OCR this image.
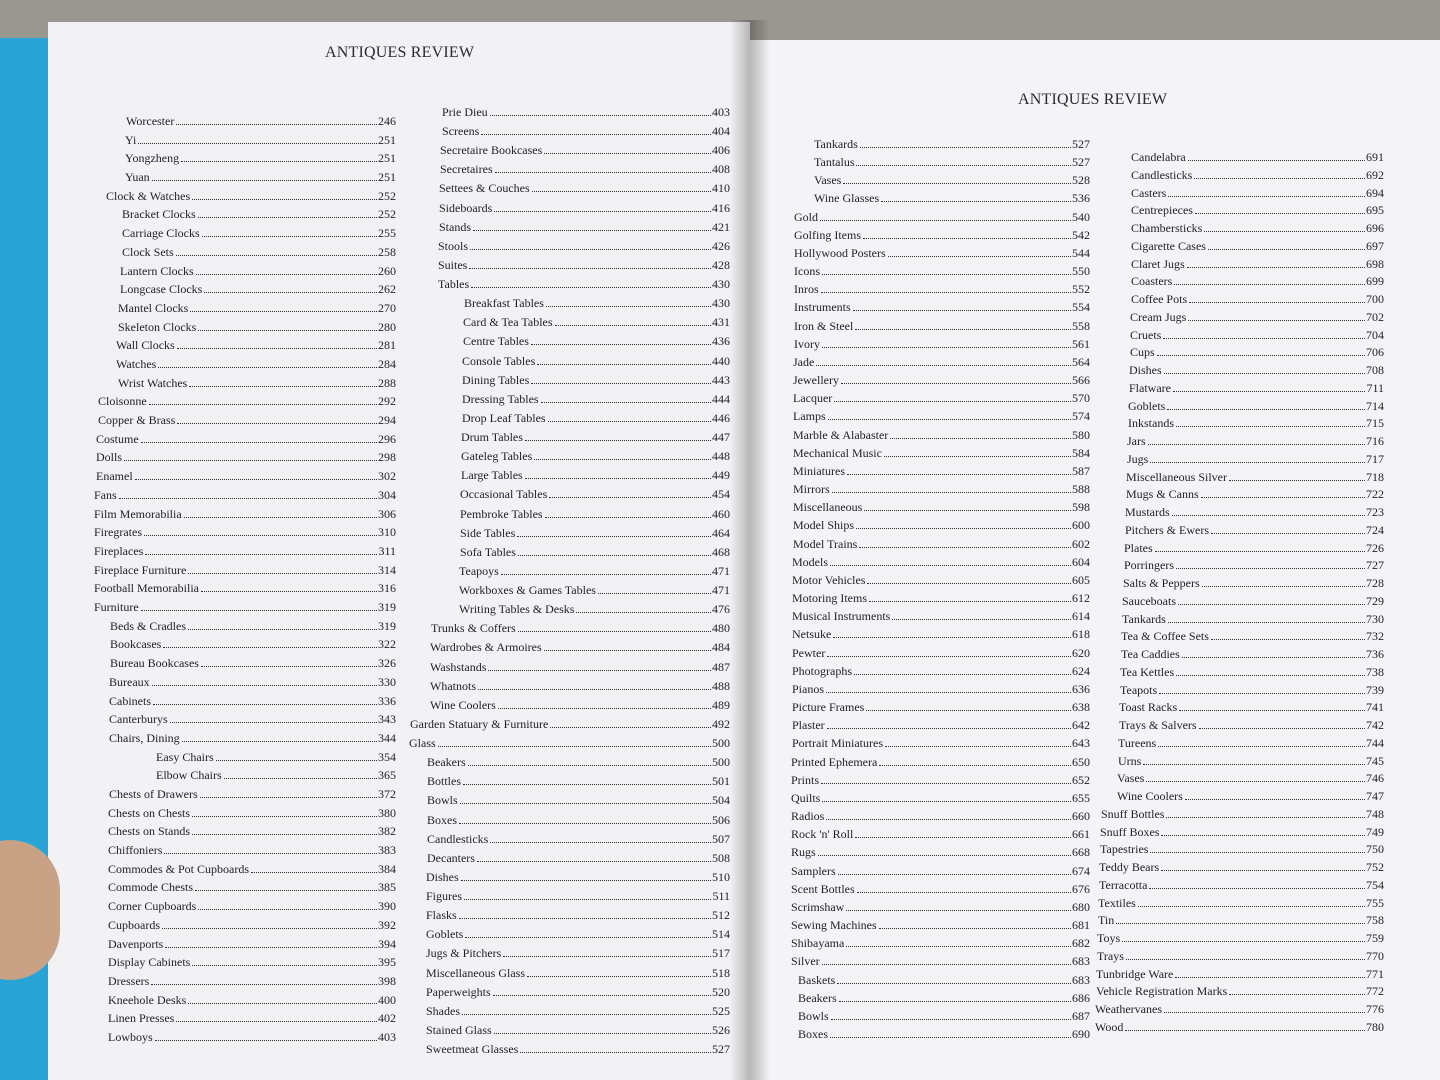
ANTIQUES REVIEW
ANTIQUES REVIEW
Worcester	246
Yi	251
Yongzheng	251
Yuan	251
Clock & Watches	252
Bracket Clocks	252
Carriage Clocks	255
Clock Sets	258
Lantern Clocks	260
Longcase Clocks	262
Mantel Clocks	270
Skeleton Clocks	280
Wall Clocks	281
Watches	284
Wrist Watches	288
Cloisonne	292
Copper & Brass	294
Costume	296
Dolls	298
Enamel	302
Fans	304
Film Memorabilia	306
Firegrates	310
Fireplaces	311
Fireplace Furniture	314
Football Memorabilia	316
Furniture	319
Beds & Cradles	319
Bookcases	322
Bureau Bookcases	326
Bureaux	330
Cabinets	336
Canterburys	343
Chairs, Dining	344
Easy Chairs	354
Elbow Chairs	365
Chests of Drawers	372
Chests on Chests	380
Chests on Stands	382
Chiffoniers	383
Commodes & Pot Cupboards	384
Commode Chests	385
Corner Cupboards	390
Cupboards	392
Davenports	394
Display Cabinets	395
Dressers	398
Kneehole Desks	400
Linen Presses	402
Lowboys	403
Prie Dieu	403
Screens	404
Secretaire Bookcases	406
Secretaires	408
Settees & Couches	410
Sideboards	416
Stands	421
Stools	426
Suites	428
Tables	430
Breakfast Tables	430
Card & Tea Tables	431
Centre Tables	436
Console Tables	440
Dining Tables	443
Dressing Tables	444
Drop Leaf Tables	446
Drum Tables	447
Gateleg Tables	448
Large Tables	449
Occasional Tables	454
Pembroke Tables	460
Side Tables	464
Sofa Tables	468
Teapoys	471
Workboxes & Games Tables	471
Writing Tables & Desks	476
Trunks & Coffers	480
Wardrobes & Armoires	484
Washstands	487
Whatnots	488
Wine Coolers	489
Garden Statuary & Furniture	492
Glass	500
Beakers	500
Bottles	501
Bowls	504
Boxes	506
Candlesticks	507
Decanters	508
Dishes	510
Figures	511
Flasks	512
Goblets	514
Jugs & Pitchers	517
Miscellaneous Glass	518
Paperweights	520
Shades	525
Stained Glass	526
Sweetmeat Glasses	527
Tankards	527
Tantalus	527
Vases	528
Wine Glasses	536
Gold	540
Golfing Items	542
Hollywood Posters	544
Icons	550
Inros	552
Instruments	554
Iron & Steel	558
Ivory	561
Jade	564
Jewellery	566
Lacquer	570
Lamps	574
Marble & Alabaster	580
Mechanical Music	584
Miniatures	587
Mirrors	588
Miscellaneous	598
Model Ships	600
Model Trains	602
Models	604
Motor Vehicles	605
Motoring Items	612
Musical Instruments	614
Netsuke	618
Pewter	620
Photographs	624
Pianos	636
Picture Frames	638
Plaster	642
Portrait Miniatures	643
Printed Ephemera	650
Prints	652
Quilts	655
Radios	660
Rock 'n' Roll	661
Rugs	668
Samplers	674
Scent Bottles	676
Scrimshaw	680
Sewing Machines	681
Shibayama	682
Silver	683
Baskets	683
Beakers	686
Bowls	687
Boxes	690
Candelabra	691
Candlesticks	692
Casters	694
Centrepieces	695
Chambersticks	696
Cigarette Cases	697
Claret Jugs	698
Coasters	699
Coffee Pots	700
Cream Jugs	702
Cruets	704
Cups	706
Dishes	708
Flatware	711
Goblets	714
Inkstands	715
Jars	716
Jugs	717
Miscellaneous Silver	718
Mugs & Canns	722
Mustards	723
Pitchers & Ewers	724
Plates	726
Porringers	727
Salts & Peppers	728
Sauceboats	729
Tankards	730
Tea & Coffee Sets	732
Tea Caddies	736
Tea Kettles	738
Teapots	739
Toast Racks	741
Trays & Salvers	742
Tureens	744
Urns	745
Vases	746
Wine Coolers	747
Snuff Bottles	748
Snuff Boxes	749
Tapestries	750
Teddy Bears	752
Terracotta	754
Textiles	755
Tin	758
Toys	759
Trays	770
Tunbridge Ware	771
Vehicle Registration Marks	772
Weathervanes	776
Wood	780
